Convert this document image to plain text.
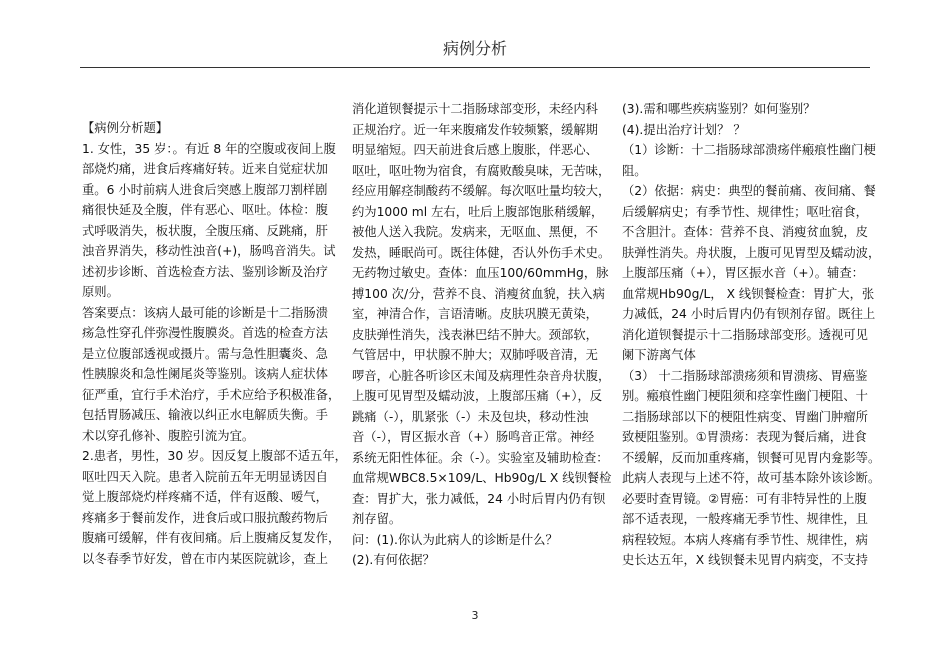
病例分析
【病例分析题】
1. 女性，35 岁：。有近 8 年的空腹或夜间上腹
部烧灼痛，进食后疼痛好转。近来自觉症状加
重。6 小时前病人进食后突感上腹部刀割样剧
痛很快延及全腹，伴有恶心、呕吐。体检：腹
式呼吸消失，板状腹，全腹压痛、反跳痛，肝
浊音界消失，移动性浊音(+)，肠鸣音消失。试
述初步诊断、首选检查方法、鉴别诊断及治疗
原则。
答案要点：该病人最可能的诊断是十二指肠溃
疡急性穿孔伴弥漫性腹膜炎。首选的检查方法
是立位腹部透视或摄片。需与急性胆囊炎、急
性胰腺炎和急性阑尾炎等鉴别。该病人症状体
征严重，宜行手术治疗，手术应给予积极准备，
包括胃肠减压、输液以纠正水电解质失衡。手
术以穿孔修补、腹腔引流为宜。
2.患者，男性，30 岁。因反复上腹部不适五年，
呕吐四天入院。患者入院前五年无明显诱因自
觉上腹部烧灼样疼痛不适，伴有返酸、嗳气，
疼痛多于餐前发作，进食后或口服抗酸药物后
腹痛可缓解，伴有夜间痛。后上腹痛反复发作，
以冬春季节好发，曾在市内某医院就诊，查上
消化道钡餐提示十二指肠球部变形，未经内科
正规治疗。近一年来腹痛发作较频繁，缓解期
明显缩短。四天前进食后感上腹胀，伴恶心、
呕吐，呕吐物为宿食，有腐败酸臭味，无苦味，
经应用解痉制酸药不缓解。每次呕吐量均较大，
约为1000 ml 左右，吐后上腹部饱胀稍缓解，
被他人送入我院。发病来，无呕血、黑便，不
发热，睡眠尚可。既往体健，否认外伤手术史。
无药物过敏史。查体：血压100/60mmHg，脉
搏100 次/分，营养不良、消瘦贫血貌，扶入病
室，神清合作，言语清晰。皮肤巩膜无黄染，
皮肤弹性消失，浅表淋巴结不肿大。颈部软，
气管居中，甲状腺不肿大；双肺呼吸音清，无
啰音，心脏各听诊区未闻及病理性杂音舟状腹，
上腹可见胃型及蠕动波，上腹部压痛（+），反
跳痛（-），肌紧张（-）未及包块，移动性浊
音（-），胃区振水音（+）肠鸣音正常。神经
系统无阳性体征。余（-）。实验室及辅助检查：
血常规WBC8.5×109/L、Hb90g/L X 线钡餐检
查：胃扩大，张力减低，24 小时后胃内仍有钡
剂存留。
问：(1).你认为此病人的诊断是什么？
(2).有何依据？
(3).需和哪些疾病鉴别？如何鉴别？
(4).提出治疗计划？ ？
（1）诊断：十二指肠球部溃疡伴瘢痕性幽门梗
阻。
（2）依据：病史：典型的餐前痛、夜间痛、餐
后缓解病史；有季节性、规律性；呕吐宿食，
不含胆汁。查体：营养不良、消瘦贫血貌，皮
肤弹性消失。舟状腹，上腹可见胃型及蠕动波，
上腹部压痛（+），胃区振水音（+）。辅查：
血常规Hb90g/L， X 线钡餐检查：胃扩大，张
力减低，24 小时后胃内仍有钡剂存留。既往上
消化道钡餐提示十二指肠球部变形。透视可见
阑下游离气体
（3） 十二指肠球部溃疡须和胃溃疡、胃癌鉴
别。瘢痕性幽门梗阻须和痉挛性幽门梗阻、十
二指肠球部以下的梗阻性病变、胃幽门肿瘤所
致梗阻鉴别。①胃溃疡：表现为餐后痛，进食
不缓解，反而加重疼痛，钡餐可见胃内龛影等。
此病人表现与上述不符，故可基本除外该诊断。
必要时查胃镜。②胃癌：可有非特异性的上腹
部不适表现，一般疼痛无季节性、规律性，且
病程较短。本病人疼痛有季节性、规律性，病
史长达五年，X 线钡餐未见胃内病变，不支持
3
